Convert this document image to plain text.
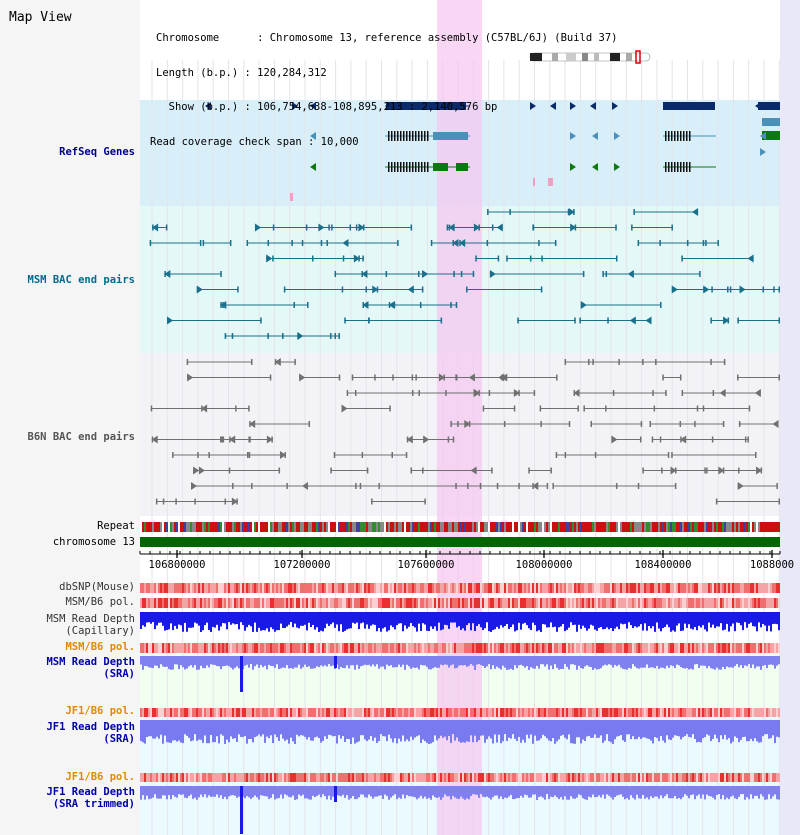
Map View

Chromosome      : Chromosome 13, reference assembly (C57BL/6J) (Build 37)

Length (b.p.) : 120,284,312

Show (b.p.) : 106,754,638-108,895,213 : 2,140,576 bp

Read coverage check span : 10,000

RefSeq Genes
MSM BAC end pairs
B6N BAC end pairs
Repeat
chromosome 13
dbSNP(Mouse)
MSM/B6 pol.
MSM Read Depth
(Capillary)
MSM/B6 pol.
MSM Read Depth
(SRA)
JF1/B6 pol.
JF1 Read Depth
(SRA)
JF1/B6 pol.
JF1 Read Depth
(SRA trimmed)
106800000	107200000	107600000	108000000	108400000	1088000
